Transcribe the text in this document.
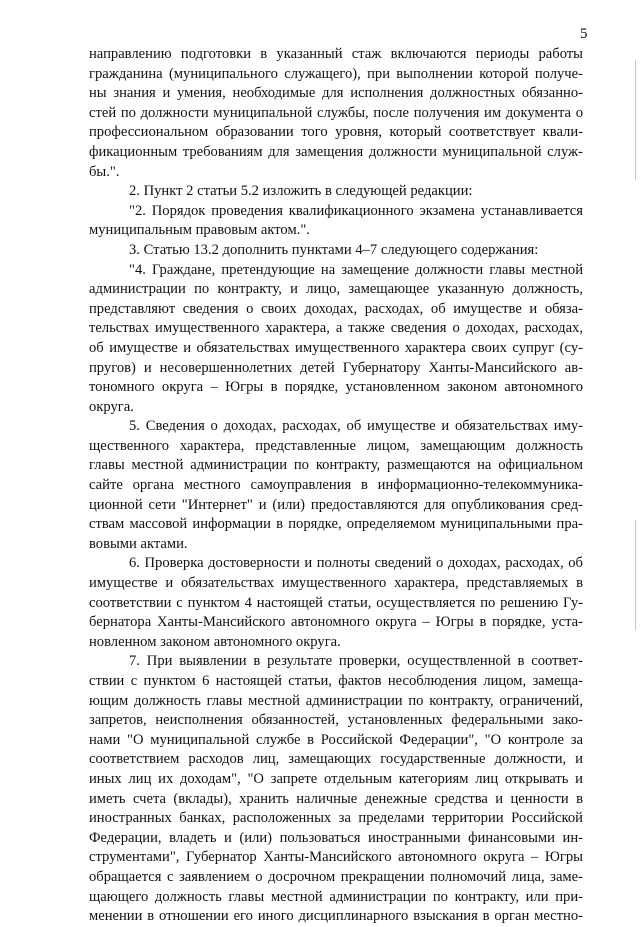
5
направлению подготовки в указанный стаж включаются периоды работы
гражданина (муниципального служащего), при выполнении которой получе-
ны знания и умения, необходимые для исполнения должностных обязанно-
стей по должности муниципальной службы, после получения им документа о
профессиональном образовании того уровня, который соответствует квали-
фикационным требованиям для замещения должности муниципальной служ-
бы.".
2. Пункт 2 статьи 5.2 изложить в следующей редакции:
"2. Порядок проведения квалификационного экзамена устанавливается
муниципальным правовым актом.".
3. Статью 13.2 дополнить пунктами 4–7 следующего содержания:
"4. Граждане, претендующие на замещение должности главы местной
администрации по контракту, и лицо, замещающее указанную должность,
представляют сведения о своих доходах, расходах, об имуществе и обяза-
тельствах имущественного характера, а также сведения о доходах, расходах,
об имуществе и обязательствах имущественного характера своих супруг (су-
пругов) и несовершеннолетних детей Губернатору Ханты-Мансийского ав-
тономного округа – Югры в порядке, установленном законом автономного
округа.
5. Сведения о доходах, расходах, об имуществе и обязательствах иму-
щественного характера, представленные лицом, замещающим должность
главы местной администрации по контракту, размещаются на официальном
сайте органа местного самоуправления в информационно-телекоммуника-
ционной сети "Интернет" и (или) предоставляются для опубликования сред-
ствам массовой информации в порядке, определяемом муниципальными пра-
вовыми актами.
6. Проверка достоверности и полноты сведений о доходах, расходах, об
имуществе и обязательствах имущественного характера, представляемых в
соответствии с пунктом 4 настоящей статьи, осуществляется по решению Гу-
бернатора Ханты-Мансийского автономного округа – Югры в порядке, уста-
новленном законом автономного округа.
7. При выявлении в результате проверки, осуществленной в соответ-
ствии с пунктом 6 настоящей статьи, фактов несоблюдения лицом, замеща-
ющим должность главы местной администрации по контракту, ограничений,
запретов, неисполнения обязанностей, установленных федеральными зако-
нами "О муниципальной службе в Российской Федерации", "О контроле за
соответствием расходов лиц, замещающих государственные должности, и
иных лиц их доходам", "О запрете отдельным категориям лиц открывать и
иметь счета (вклады), хранить наличные денежные средства и ценности в
иностранных банках, расположенных за пределами территории Российской
Федерации, владеть и (или) пользоваться иностранными финансовыми ин-
струментами", Губернатор Ханты-Мансийского автономного округа – Югры
обращается с заявлением о досрочном прекращении полномочий лица, заме-
щающего должность главы местной администрации по контракту, или при-
менении в отношении его иного дисциплинарного взыскания в орган местно-
